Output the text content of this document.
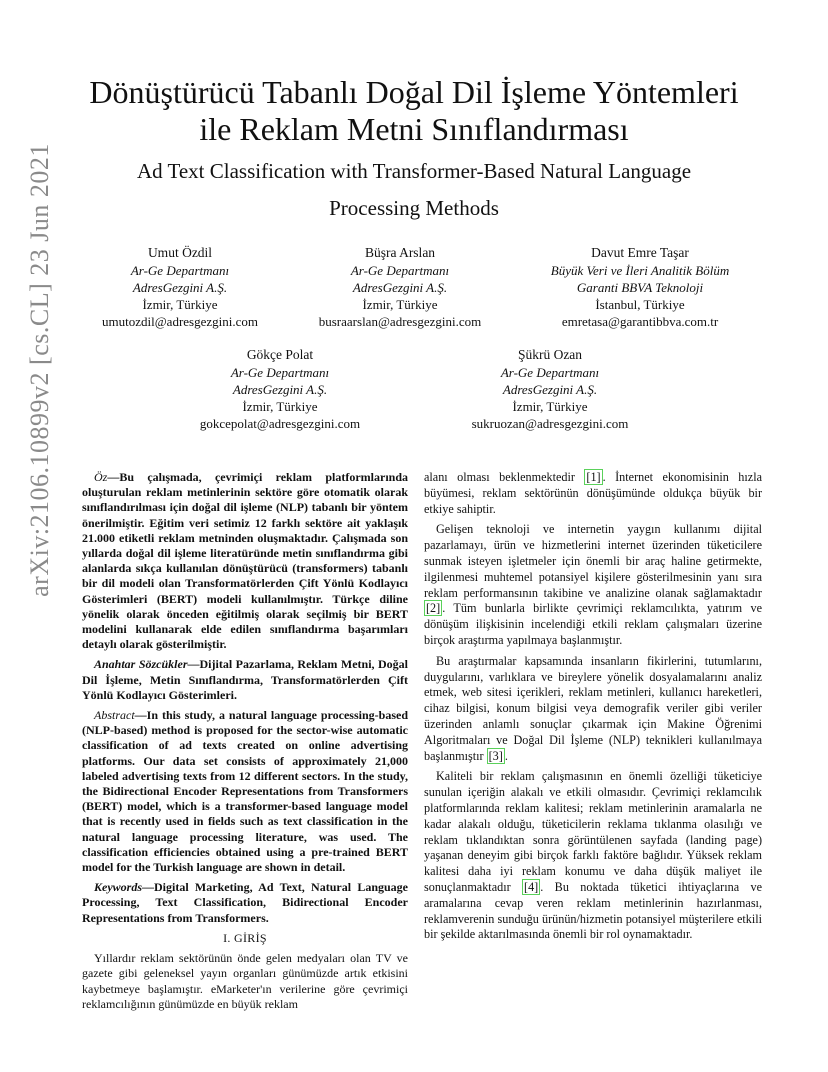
arXiv:2106.10899v2 [cs.CL] 23 Jun 2021
Dönüştürücü Tabanlı Doğal Dil İşleme Yöntemleri
ile Reklam Metni Sınıflandırması
Ad Text Classification with Transformer-Based Natural Language
Processing Methods
Umut Özdil
Ar-Ge Departmanı
AdresGezgini A.Ş.
İzmir, Türkiye
umutozdil@adresgezgini.com
Büşra Arslan
Ar-Ge Departmanı
AdresGezgini A.Ş.
İzmir, Türkiye
busraarslan@adresgezgini.com
Davut Emre Taşar
Büyük Veri ve İleri Analitik Bölüm
Garanti BBVA Teknoloji
İstanbul, Türkiye
emretasa@garantibbva.com.tr
Gökçe Polat
Ar-Ge Departmanı
AdresGezgini A.Ş.
İzmir, Türkiye
gokcepolat@adresgezgini.com
Şükrü Ozan
Ar-Ge Departmanı
AdresGezgini A.Ş.
İzmir, Türkiye
sukruozan@adresgezgini.com

Öz—Bu çalışmada, çevrimiçi reklam platformlarında oluşturulan reklam metinlerinin sektöre göre otomatik olarak sınıflandırılması için doğal dil işleme (NLP) tabanlı bir yöntem önerilmiştir. Eğitim veri setimiz 12 farklı sektöre ait yaklaşık 21.000 etiketli reklam metninden oluşmaktadır. Çalışmada son yıllarda doğal dil işleme literatüründe metin sınıflandırma gibi alanlarda sıkça kullanılan dönüştürücü (transformers) tabanlı bir dil modeli olan Transformatörlerden Çift Yönlü Kodlayıcı Gösterimleri (BERT) modeli kullanılmıştır. Türkçe diline yönelik olarak önceden eğitilmiş olarak seçilmiş bir BERT modelini kullanarak elde edilen sınıflandırma başarımları detaylı olarak gösterilmiştir.

Anahtar Sözcükler—Dijital Pazarlama, Reklam Metni, Doğal Dil İşleme, Metin Sınıflandırma, Transformatörlerden Çift Yönlü Kodlayıcı Gösterimleri.

Abstract—In this study, a natural language processing-based (NLP-based) method is proposed for the sector-wise automatic classification of ad texts created on online advertising platforms. Our data set consists of approximately 21,000 labeled advertising texts from 12 different sectors. In the study, the Bidirectional Encoder Representations from Transformers (BERT) model, which is a transformer-based language model that is recently used in fields such as text classification in the natural language processing literature, was used. The classification efficiencies obtained using a pre-trained BERT model for the Turkish language are shown in detail.

Keywords—Digital Marketing, Ad Text, Natural Language Processing, Text Classification, Bidirectional Encoder Representations from Transformers.

I. GİRİŞ

Yıllardır reklam sektörünün önde gelen medyaları olan TV ve gazete gibi geleneksel yayın organları günümüzde artık etkisini kaybetmeye başlamıştır. eMarketer'ın verilerine göre çevrimiçi reklamcılığının günümüzde en büyük reklam

alanı olması beklenmektedir [1] . İnternet ekonomisinin hızla büyümesi, reklam sektörünün dönüşümünde oldukça büyük bir etkiye sahiptir.

Gelişen teknoloji ve internetin yaygın kullanımı dijital pazarlamayı, ürün ve hizmetlerini internet üzerinden tüketicilere sunmak isteyen işletmeler için önemli bir araç haline getirmekte, ilgilenmesi muhtemel potansiyel kişilere gösterilmesinin yanı sıra reklam performansının takibine ve analizine olanak sağlamaktadır [2] . Tüm bunlarla birlikte çevrimiçi reklamcılıkta, yatırım ve dönüşüm ilişkisinin incelendiği etkili reklam çalışmaları üzerine birçok araştırma yapılmaya başlanmıştır.

Bu araştırmalar kapsamında insanların fikirlerini, tutumlarını, duygularını, varlıklara ve bireylere yönelik dosyalamalarını analiz etmek, web sitesi içerikleri, reklam metinleri, kullanıcı hareketleri, cihaz bilgisi, konum bilgisi veya demografik veriler gibi veriler üzerinden anlamlı sonuçlar çıkarmak için Makine Öğrenimi Algoritmaları ve Doğal Dil İşleme (NLP) teknikleri kullanılmaya başlanmıştır [3] .

Kaliteli bir reklam çalışmasının en önemli özelliği tüketiciye sunulan içeriğin alakalı ve etkili olmasıdır. Çevrimiçi reklamcılık platformlarında reklam kalitesi; reklam metinlerinin aramalarla ne kadar alakalı olduğu, tüketicilerin reklama tıklanma olasılığı ve reklam tıklandıktan sonra görüntülenen sayfada (landing page) yaşanan deneyim gibi birçok farklı faktöre bağlıdır. Yüksek reklam kalitesi daha iyi reklam konumu ve daha düşük maliyet ile sonuçlanmaktadır [4] . Bu noktada tüketici ihtiyaçlarına ve aramalarına cevap veren reklam metinlerinin hazırlanması, reklamverenin sunduğu ürünün/hizmetin potansiyel müşterilere etkili bir şekilde aktarılmasında önemli bir rol oynamaktadır.
